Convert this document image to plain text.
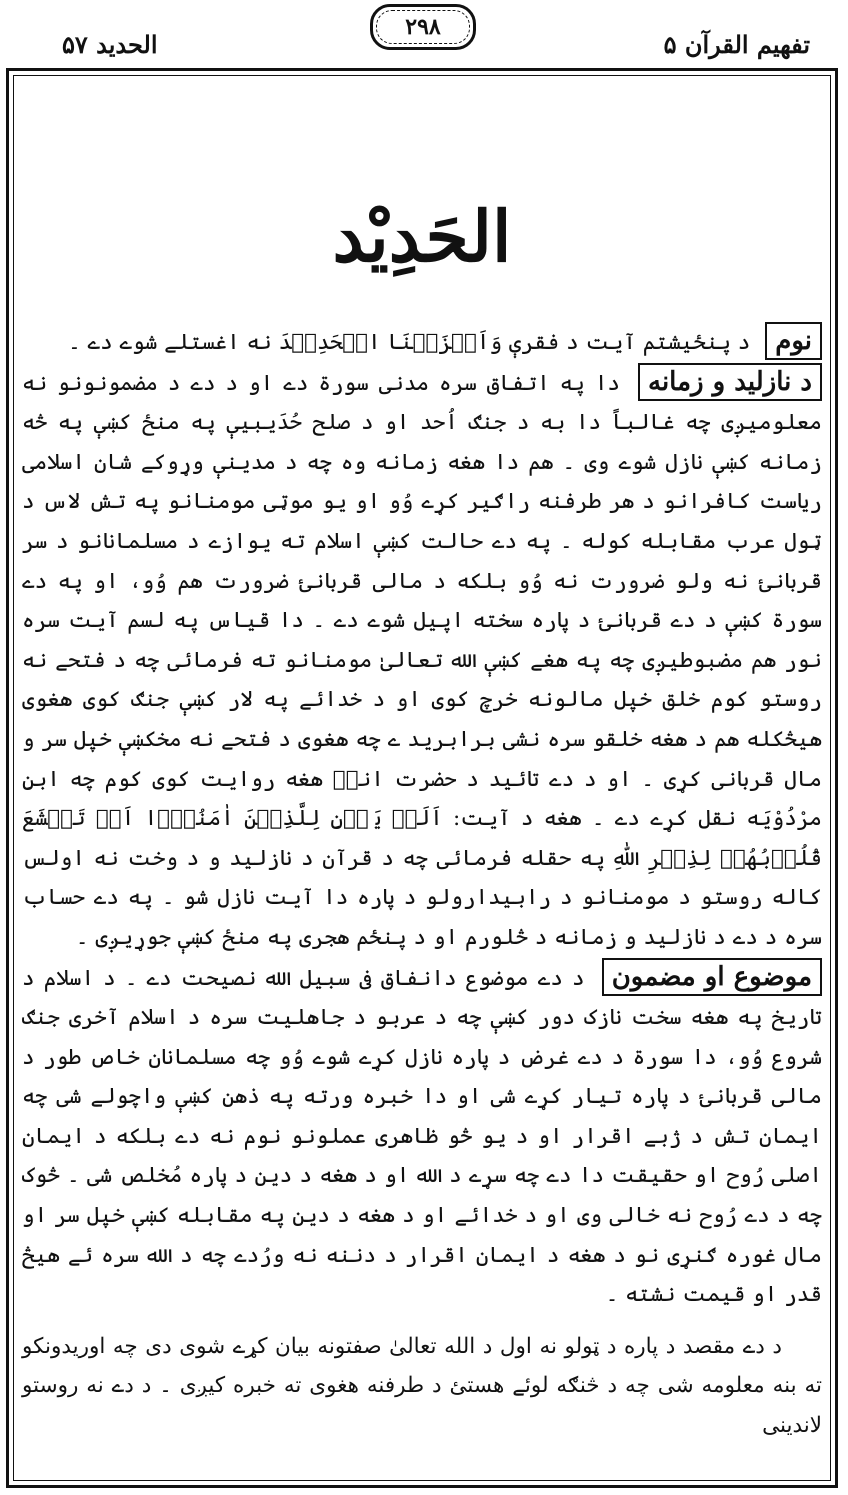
تفهیم القرآن ۵
۲۹۸
الحدید ۵۷
الحَدِیْد

نوم د پنځیشتم آیت د فقرې وَاَنۡزَلۡنَا الۡحَدِیۡدَ نه اغستلے شوے دے ۔

د نازلید و زمانه دا په اتفاق سره مدنی سورة دے او د دے د مضمونونو نه معلومیږی چه غالباً دا به د جنګ اُحد او د صلح حُدَیبیې په منځ کښې په څه زمانه کښې نازل شوے وی ۔ هم دا هغه زمانه وه چه د مدینې وړوکے شان اسلامی ریاست کافرانو د هر طرفنه راګیر کړے وُو او یو موټی مومنانو په تش لاس د ټول عرب مقابله کوله ۔ په دے حالت کښې اسلام ته یوازے د مسلمانانو د سر قربانئ نه ولو ضرورت نه وُو بلکه د مالی قربانئ ضرورت هم وُو، او په دے سورة کښې د دے قربانئ د پاره سخته اپیل شوے دے ۔ دا قیاس په لسم آیت سره نور هم مضبوطیږی چه په هغے کښې الله تعالیٰ مومنانو ته فرمائی چه د فتحے نه روستو کوم خلق خپل مالونه خرچ کوی او د خدائے په لار کښې جنګ کوی هغوی هیڅکله هم د هغه خلقو سره نشی برابرید ے چه هغوی د فتحے نه مخکښې خپل سر و مال قربانی کړی ۔ او د دے تائید د حضرت انسؓ هغه روایت کوی کوم چه ابنِ مرْدُوْیَه نقل کړے دے ۔ هغه د آیت: اَلَمۡ یَاۡنِ لِلَّذِیۡنَ اٰمَنُوۡۤا اَنۡ تَخۡشَعَ قُلُوۡبُهُمۡ لِذِکۡرِ اللّٰهِ په حقله فرمائی چه د قرآن د نازلید و د وخت نه اولس کاله روستو د مومنانو د رابیدارولو د پاره دا آیت نازل شو ۔ په دے حساب سره د دے د نازلید و زمانه د څلورم او د پنځم هجری په منځ کښې جوړیږی ۔

موضوع او مضمون د دے موضوع دانفاق فی سبیل الله نصیحت دے ۔ د اسلام د تاریخ په هغه سخت نازک دور کښې چه د عربو د جاهلیت سره د اسلام آخری جنګ شروع وُو، دا سورة د دے غرض د پاره نازل کړے شوے وُو چه مسلمانان خاص طور د مالی قربانئ د پاره تیار کړے شی او دا خبره ورته په ذهن کښې واچولے شی چه ایمان تش د ژبے اقرار او د یو څو ظاهری عملونو نوم نه دے بلکه د ایمان اصلی رُوح او حقیقت دا دے چه سړے د الله او د هغه د دین د پاره مُخلص شی ۔ څوک چه د دے رُوح نه خالی وی او د خدائے او د هغه د دین په مقابله کښې خپل سر او مال غوره ګنړی نو د هغه د ایمان اقرار د دننه نه ورُدے چه د الله سره ئے هیڅ قدر او قیمت نشته ۔

د دے مقصد د پاره د ټولو نه اول د الله تعالیٰ صفتونه بیان کړے شوی دی چه اوریدونکو ته بنه معلومه شی چه د څنګه لوئے هستئ د طرفنه هغوی ته خبره کیږی ۔ د دے نه روستو لاندینی
